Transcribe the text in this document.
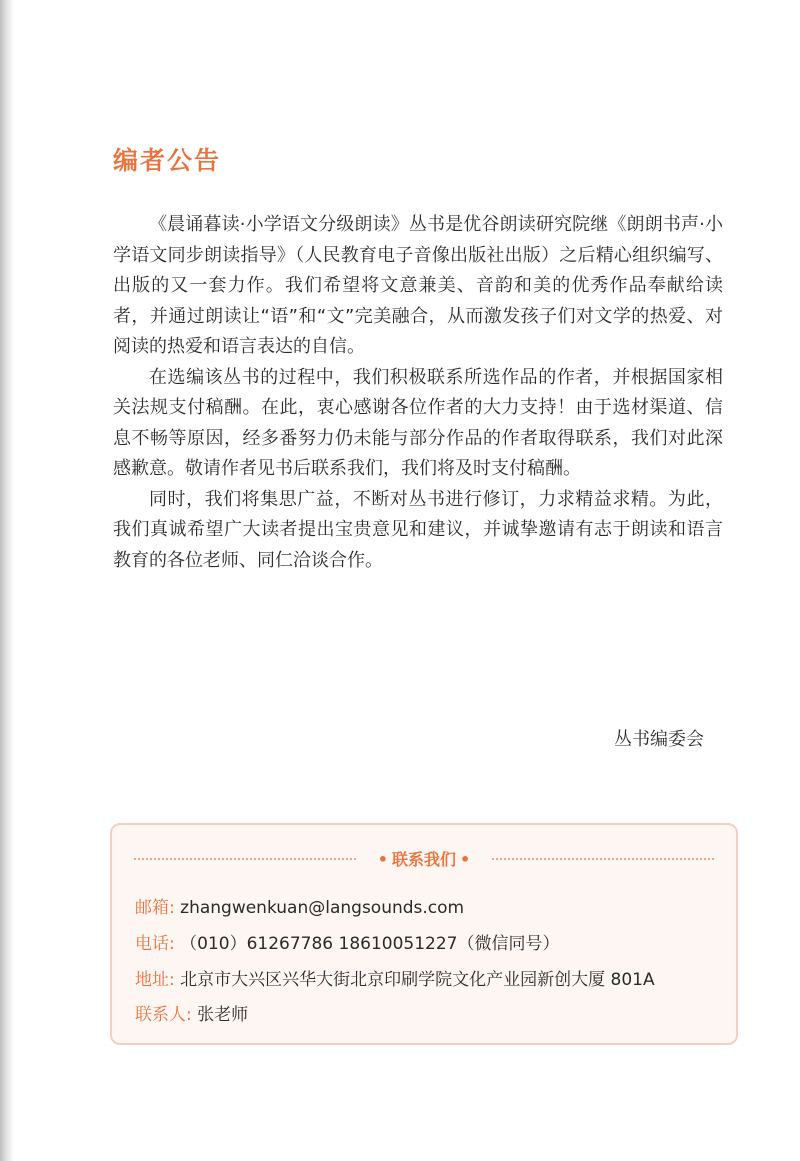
编者公告

《晨诵暮读·小学语文分级朗读》丛书是优谷朗读研究院继《朗朗书声·小学语文同步朗读指导》（人民教育电子音像出版社出版）之后精心组织编写、出版的又一套力作。我们希望将文意兼美、音韵和美的优秀作品奉献给读者，并通过朗读让“语”和“文”完美融合，从而激发孩子们对文学的热爱、对阅读的热爱和语言表达的自信。

在选编该丛书的过程中，我们积极联系所选作品的作者，并根据国家相关法规支付稿酬。在此，衷心感谢各位作者的大力支持！由于选材渠道、信息不畅等原因，经多番努力仍未能与部分作品的作者取得联系，我们对此深感歉意。敬请作者见书后联系我们，我们将及时支付稿酬。

同时，我们将集思广益，不断对丛书进行修订，力求精益求精。为此，我们真诚希望广大读者提出宝贵意见和建议，并诚挚邀请有志于朗读和语言教育的各位老师、同仁洽谈合作。

丛书编委会

• 联系我们 •
邮箱: zhangwenkuan@langsounds.com
电话: （010）61267786 18610051227（微信同号）
地址: 北京市大兴区兴华大街北京印刷学院文化产业园新创大厦 801A
联系人: 张老师
